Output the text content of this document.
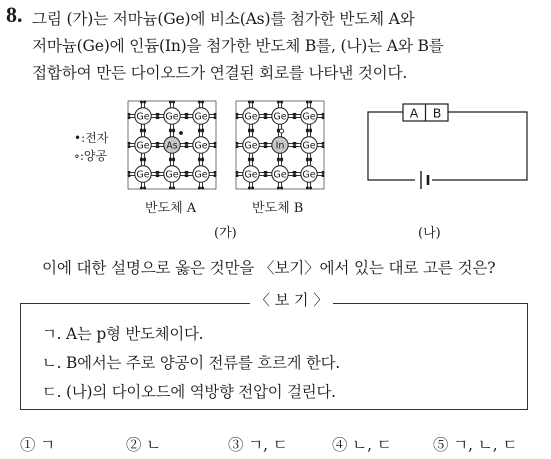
8. 그림 (가)는 저마늄(Ge)에 비소(As)를 첨가한 반도체 A와
저마늄(Ge)에 인듐(In)을 첨가한 반도체 B를, (나)는 A와 B를
접합하여 만든 다이오드가 연결된 회로를 나타낸 것이다.
•:전자
∘:양공
Ge Ge Ge
Ge As Ge
Ge Ge Ge
Ge Ge Ge
Ge In Ge
Ge Ge Ge
A B
반도체 A	반도체 B
(가)	(나)
이에 대한 설명으로 옳은 것만을 〈보기〉에서 있는 대로 고른 것은?
〈 보 기 〉
ㄱ. A는 p형 반도체이다.
ㄴ. B에서는 주로 양공이 전류를 흐르게 한다.
ㄷ. (나)의 다이오드에 역방향 전압이 걸린다.
① ㄱ	② ㄴ	③ ㄱ, ㄷ	④ ㄴ, ㄷ	⑤ ㄱ, ㄴ, ㄷ
